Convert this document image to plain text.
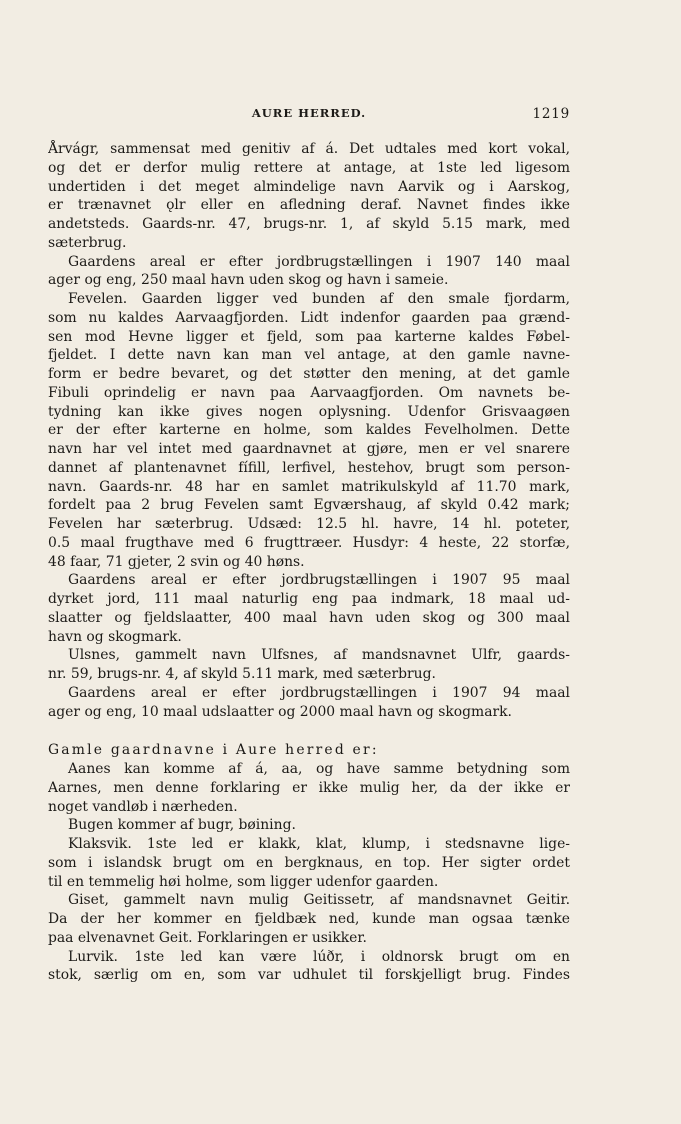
AURE HERRED.	1219
Årvágr, sammensat med genitiv af á. Det udtales med kort vokal,
og det er derfor mulig rettere at antage, at 1ste led ligesom
undertiden i det meget almindelige navn Aarvik og i Aarskog,
er trænavnet ǫlr eller en afledning deraf. Navnet findes ikke
andetsteds. Gaards-nr. 47, brugs-nr. 1, af skyld 5.15 mark, med
sæterbrug.
Gaardens areal er efter jordbrugstællingen i 1907 140 maal
ager og eng, 250 maal havn uden skog og havn i sameie.
Fevelen. Gaarden ligger ved bunden af den smale fjordarm,
som nu kaldes Aarvaagfjorden. Lidt indenfor gaarden paa grænd-
sen mod Hevne ligger et fjeld, som paa karterne kaldes Føbel-
fjeldet. I dette navn kan man vel antage, at den gamle navne-
form er bedre bevaret, og det støtter den mening, at det gamle
Fibuli oprindelig er navn paa Aarvaagfjorden. Om navnets be-
tydning kan ikke gives nogen oplysning. Udenfor Grisvaagøen
er der efter karterne en holme, som kaldes Fevelholmen. Dette
navn har vel intet med gaardnavnet at gjøre, men er vel snarere
dannet af plantenavnet fífill, lerfivel, hestehov, brugt som person-
navn. Gaards-nr. 48 har en samlet matrikulskyld af 11.70 mark,
fordelt paa 2 brug Fevelen samt Egværshaug, af skyld 0.42 mark;
Fevelen har sæterbrug. Udsæd: 12.5 hl. havre, 14 hl. poteter,
0.5 maal frugthave med 6 frugttræer. Husdyr: 4 heste, 22 storfæ,
48 faar, 71 gjeter, 2 svin og 40 høns.
Gaardens areal er efter jordbrugstællingen i 1907 95 maal
dyrket jord, 111 maal naturlig eng paa indmark, 18 maal ud-
slaatter og fjeldslaatter, 400 maal havn uden skog og 300 maal
havn og skogmark.
Ulsnes, gammelt navn Ulfsnes, af mandsnavnet Ulfr, gaards-
nr. 59, brugs-nr. 4, af skyld 5.11 mark, med sæterbrug.
Gaardens areal er efter jordbrugstællingen i 1907 94 maal
ager og eng, 10 maal udslaatter og 2000 maal havn og skogmark.
Gamle gaardnavne i Aure herred er:
Aanes kan komme af á, aa, og have samme betydning som
Aarnes, men denne forklaring er ikke mulig her, da der ikke er
noget vandløb i nærheden.
Bugen kommer af bugr, bøining.
Klaksvik. 1ste led er klakk, klat, klump, i stedsnavne lige-
som i islandsk brugt om en bergknaus, en top. Her sigter ordet
til en temmelig høi holme, som ligger udenfor gaarden.
Giset, gammelt navn mulig Geitissetr, af mandsnavnet Geitir.
Da der her kommer en fjeldbæk ned, kunde man ogsaa tænke
paa elvenavnet Geit. Forklaringen er usikker.
Lurvik. 1ste led kan være lúðr, i oldnorsk brugt om en
stok, særlig om en, som var udhulet til forskjelligt brug. Findes
